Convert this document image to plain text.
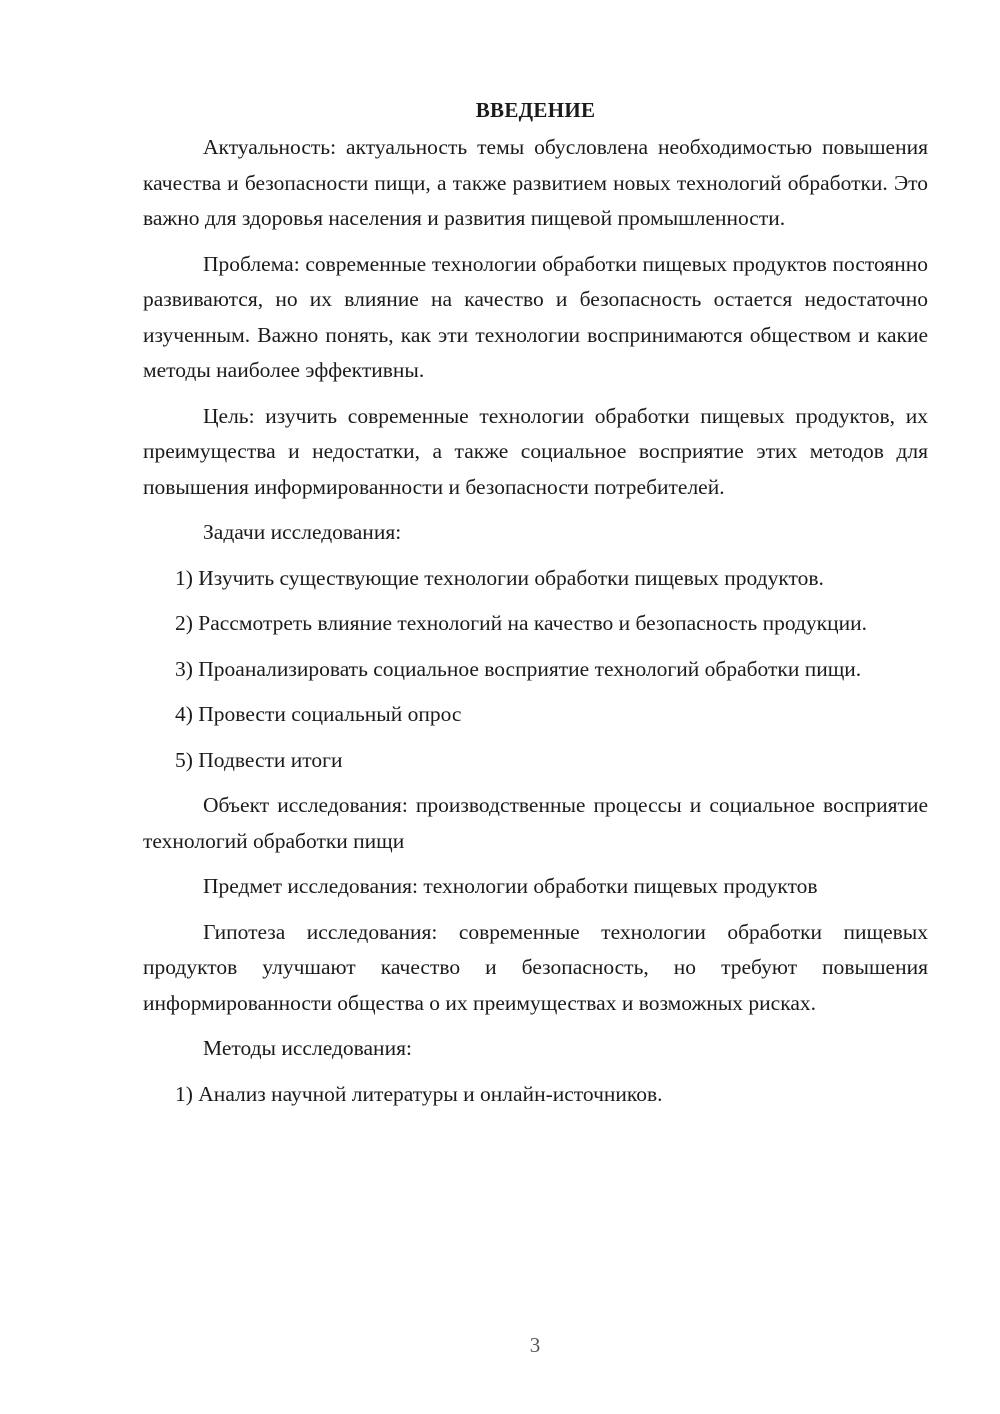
ВВЕДЕНИЕ

Актуальность: актуальность темы обусловлена необходимостью повышения качества и безопасности пищи, а также развитием новых технологий обработки. Это важно для здоровья населения и развития пищевой промышленности.

Проблема: современные технологии обработки пищевых продуктов постоянно развиваются, но их влияние на качество и безопасность остается недостаточно изученным. Важно понять, как эти технологии воспринимаются обществом и какие методы наиболее эффективны.

Цель: изучить современные технологии обработки пищевых продуктов, их преимущества и недостатки, а также социальное восприятие этих методов для повышения информированности и безопасности потребителей.

Задачи исследования:

1) Изучить существующие технологии обработки пищевых продуктов.

2) Рассмотреть влияние технологий на качество и безопасность продукции.

3) Проанализировать социальное восприятие технологий обработки пищи.

4) Провести социальный опрос

5) Подвести итоги

Объект исследования: производственные процессы и социальное восприятие технологий обработки пищи

Предмет исследования: технологии обработки пищевых продуктов

Гипотеза исследования: современные технологии обработки пищевых продуктов улучшают качество и безопасность, но требуют повышения информированности общества о их преимуществах и возможных рисках.

Методы исследования:

1) Анализ научной литературы и онлайн-источников.

3
